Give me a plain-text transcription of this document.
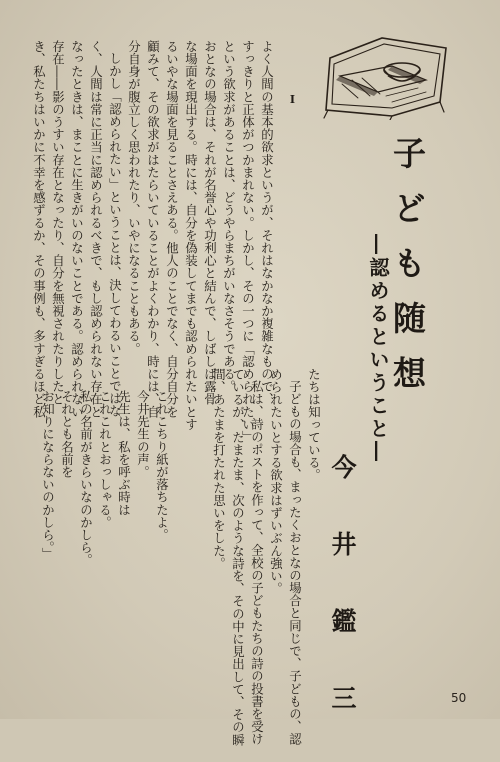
子ども随想
―認めるということ―
今井鑑三
Ⅰ

よく人間の基本的欲求というが、それはなかなか複雑なもので、

すっきりと正体がつかまれない。しかし、その一つに「認められたい」

という欲求があることは、どうやらまちがいなさそうである。

おとなの場合は、それが名誉心や功利心と結んで、しばしば露骨

な場面を現出する。時には、自分を偽装してまでも認められたいとす

るいやな場面を見ることさえある。他人のことでなく、自分自分を

顧みて、その欲求がはたらいていることがよくわかり、時には、自

分自身が腹立しく思われたり、いやになることもある。

しかし「認められたい」ということは、決してわるいことではな

く、人間は常に正当に認められるべきで、もし認められない存在と

なったときは、まことに生きがいのないことである。認められない

存在――影のうすい存在となったり、自分を無視されたりしたと

き、私たちはいかに不幸を感ずるか、その事例も、多すぎるほど私

たちは知っている。

子どもの場合も、まったくおとなの場合と同じで、子どもの、認

められたいとする欲求はずいぶん強い。

私は、詩のポストを作って、全校の子どもたちの詩の投書を受け

ているが、たまたま、次のような詩を、その中に見出して、その瞬

間、あたまを打たれた思いをした。

これこちり紙が落ちたよ。

今井先生の声。

先生は、私を呼ぶ時は

これこれとおっしゃる。

私の名前がきらいなのかしら。

それとも名前を

お知りにならないのかしら。」

50
